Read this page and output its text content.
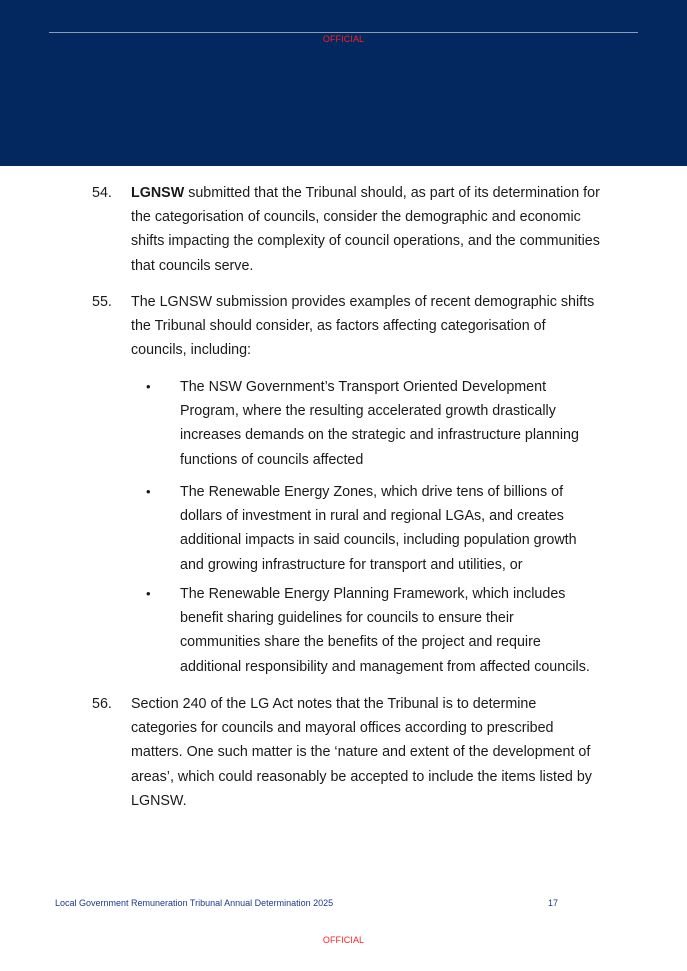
OFFICIAL
54. LGNSW submitted that the Tribunal should, as part of its determination for the categorisation of councils, consider the demographic and economic shifts impacting the complexity of council operations, and the communities that councils serve.
55. The LGNSW submission provides examples of recent demographic shifts the Tribunal should consider, as factors affecting categorisation of councils, including:
• The NSW Government’s Transport Oriented Development Program, where the resulting accelerated growth drastically increases demands on the strategic and infrastructure planning functions of councils affected
• The Renewable Energy Zones, which drive tens of billions of dollars of investment in rural and regional LGAs, and creates additional impacts in said councils, including population growth and growing infrastructure for transport and utilities, or
• The Renewable Energy Planning Framework, which includes benefit sharing guidelines for councils to ensure their communities share the benefits of the project and require additional responsibility and management from affected councils.
56. Section 240 of the LG Act notes that the Tribunal is to determine categories for councils and mayoral offices according to prescribed matters. One such matter is the ‘nature and extent of the development of areas’, which could reasonably be accepted to include the items listed by LGNSW.
Local Government Remuneration Tribunal Annual Determination 2025	17
OFFICIAL
